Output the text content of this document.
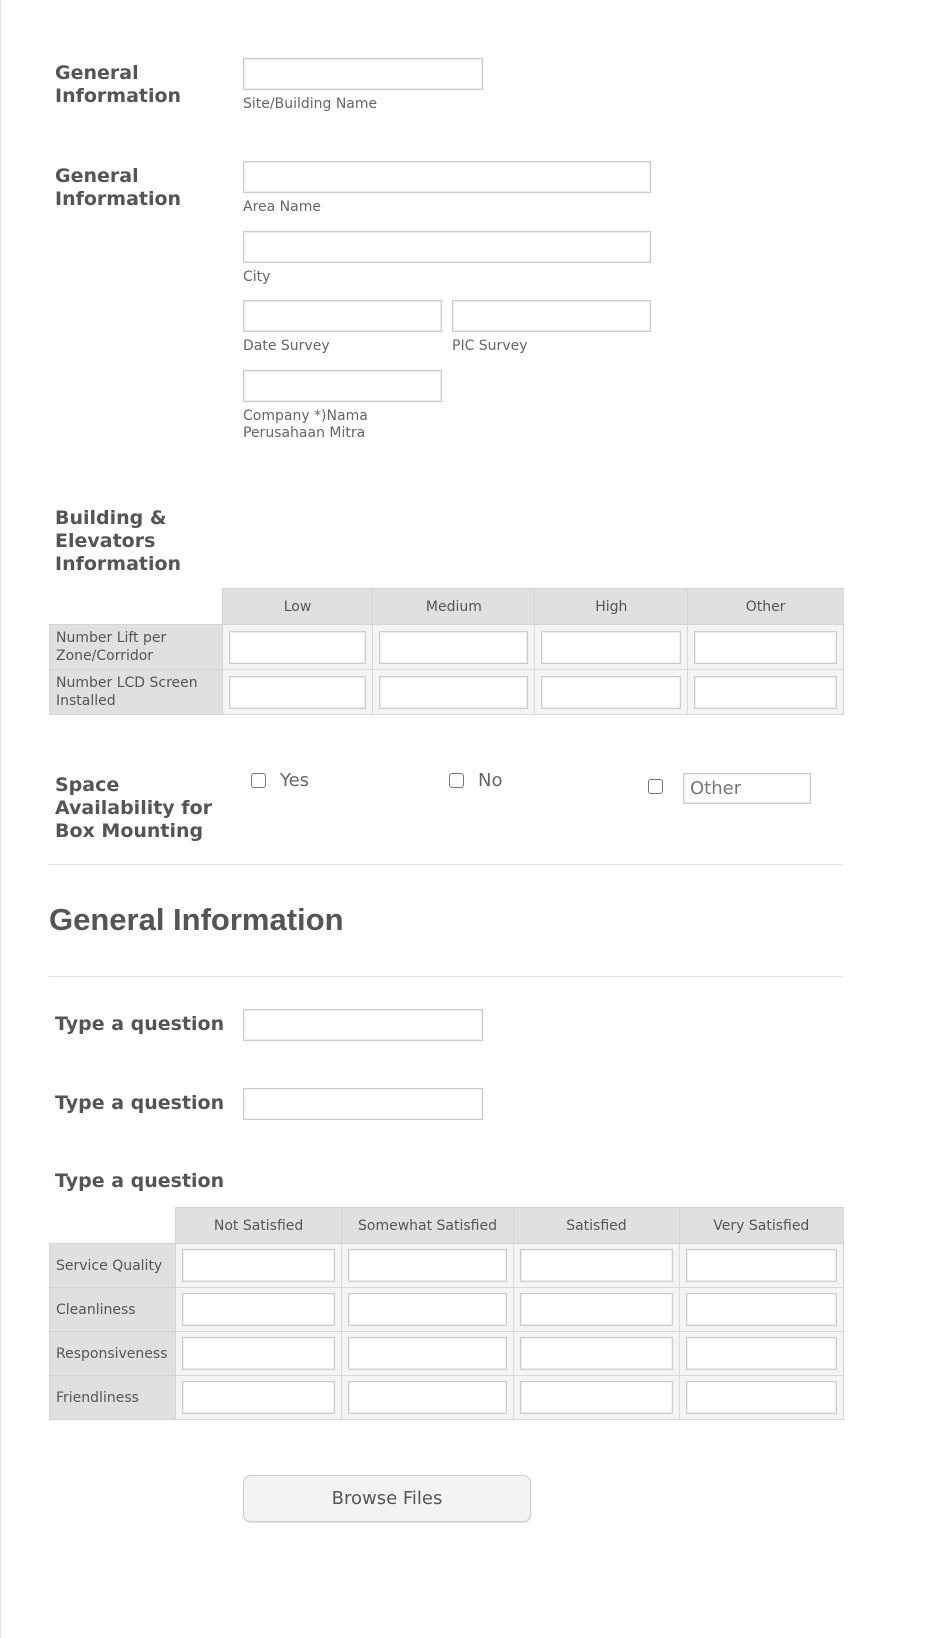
General Information	Site/Building Name
General Information	Area Name
City
Date Survey	PIC Survey
Company *)Nama
Perusahaan Mitra
Building & Elevators Information
	Low	Medium	High	Other
Number Lift per Zone/Corridor	

Number LCD Screen Installed	

Space Availability for Box Mounting
Yes	No
Other
General Information
Type a question
Type a question
Type a question
	Not Satisfied	Somewhat Satisfied	Satisfied	Very Satisfied
Service Quality	

Cleanliness	

Responsiveness	

Friendliness	

Browse Files
